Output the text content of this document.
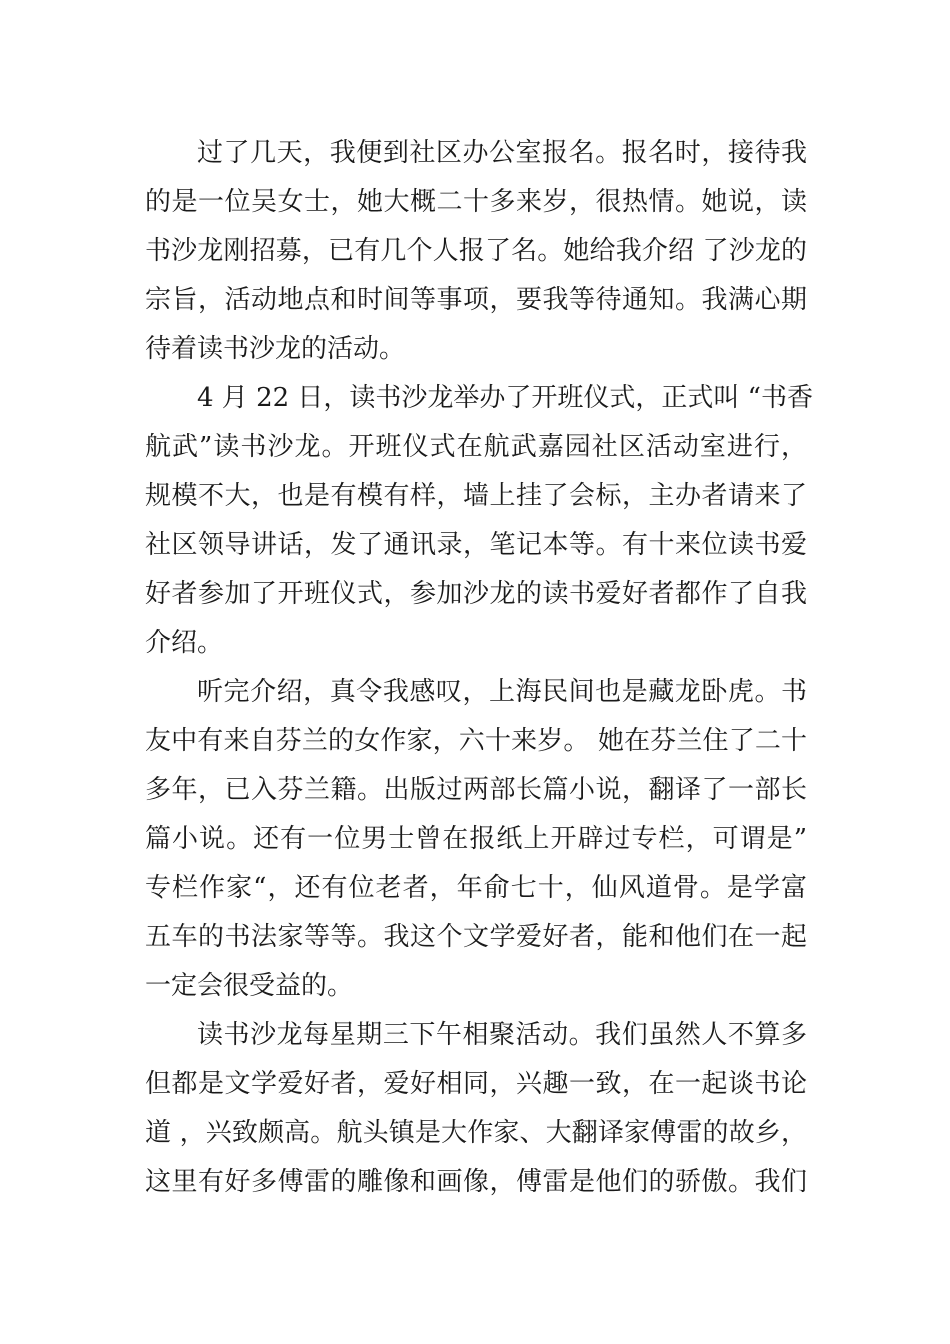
过了几天，我便到社区办公室报名。报名时，接待我
的是一位吴女士，她大概二十多来岁，很热情。她说，读
书沙龙刚招募，已有几个人报了名。她给我介绍 了沙龙的
宗旨，活动地点和时间等事项，要我等待通知。我满心期
待着读书沙龙的活动。
4 月 22 日，读书沙龙举办了开班仪式，正式叫 “书香
航武”读书沙龙。开班仪式在航武嘉园社区活动室进行，
规模不大，也是有模有样，墙上挂了会标，主办者请来了
社区领导讲话，发了通讯录，笔记本等。有十来位读书爱
好者参加了开班仪式，参加沙龙的读书爱好者都作了自我
介绍。
听完介绍，真令我感叹，上海民间也是藏龙卧虎。书
友中有来自芬兰的女作家，六十来岁。 她在芬兰住了二十
多年，已入芬兰籍。出版过两部长篇小说，翻译了一部长
篇小说。还有一位男士曾在报纸上开辟过专栏，可谓是”
专栏作家“，还有位老者，年俞七十，仙风道骨。是学富
五车的书法家等等。我这个文学爱好者，能和他们在一起
一定会很受益的。
读书沙龙每星期三下午相聚活动。我们虽然人不算多
但都是文学爱好者，爱好相同，兴趣一致，在一起谈书论
道 ，兴致颇高。航头镇是大作家、大翻译家傅雷的故乡，
这里有好多傅雷的雕像和画像，傅雷是他们的骄傲。我们
